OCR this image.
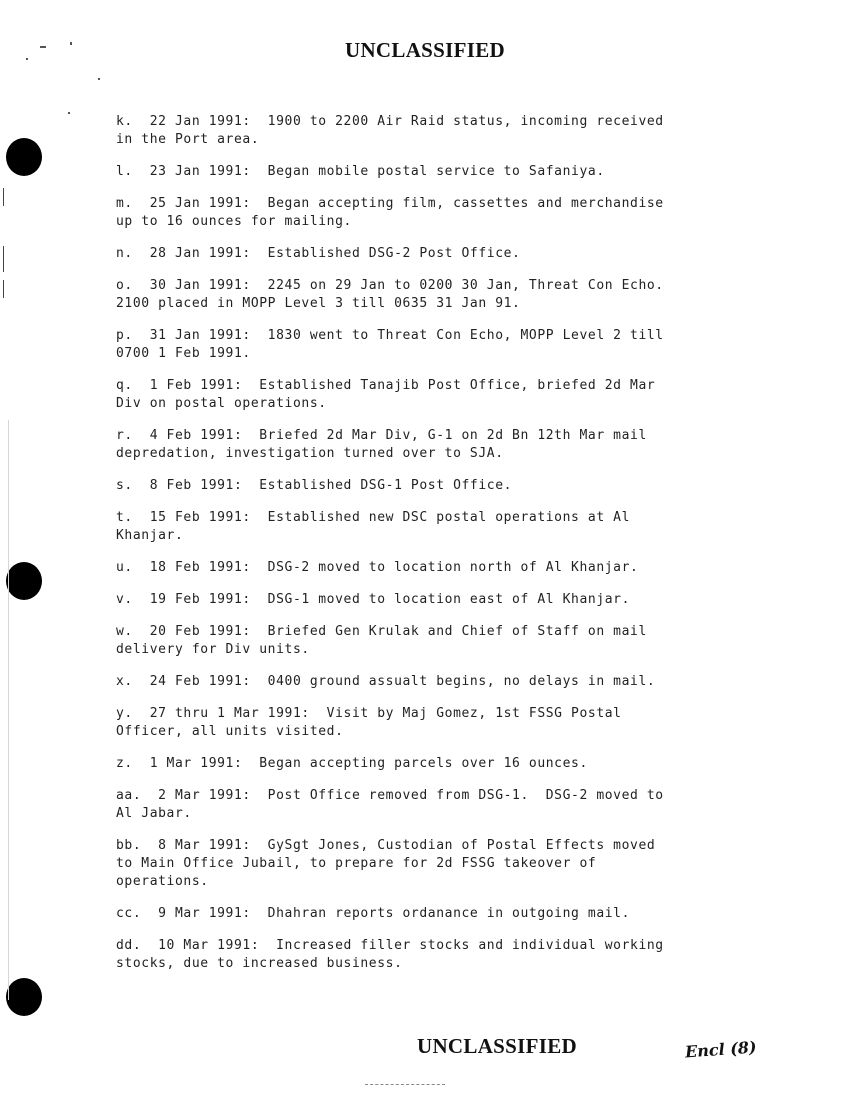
UNCLASSIFIED
k.  22 Jan 1991:  1900 to 2200 Air Raid status, incoming received
in the Port area.
l.  23 Jan 1991:  Began mobile postal service to Safaniya.
m.  25 Jan 1991:  Began accepting film, cassettes and merchandise
up to 16 ounces for mailing.
n.  28 Jan 1991:  Established DSG-2 Post Office.
o.  30 Jan 1991:  2245 on 29 Jan to 0200 30 Jan, Threat Con Echo.
2100 placed in MOPP Level 3 till 0635 31 Jan 91.
p.  31 Jan 1991:  1830 went to Threat Con Echo, MOPP Level 2 till
0700 1 Feb 1991.
q.  1 Feb 1991:  Established Tanajib Post Office, briefed 2d Mar
Div on postal operations.
r.  4 Feb 1991:  Briefed 2d Mar Div, G-1 on 2d Bn 12th Mar mail
depredation, investigation turned over to SJA.
s.  8 Feb 1991:  Established DSG-1 Post Office.
t.  15 Feb 1991:  Established new DSC postal operations at Al
Khanjar.
u.  18 Feb 1991:  DSG-2 moved to location north of Al Khanjar.
v.  19 Feb 1991:  DSG-1 moved to location east of Al Khanjar.
w.  20 Feb 1991:  Briefed Gen Krulak and Chief of Staff on mail
delivery for Div units.
x.  24 Feb 1991:  0400 ground assualt begins, no delays in mail.
y.  27 thru 1 Mar 1991:  Visit by Maj Gomez, 1st FSSG Postal
Officer, all units visited.
z.  1 Mar 1991:  Began accepting parcels over 16 ounces.
aa.  2 Mar 1991:  Post Office removed from DSG-1.  DSG-2 moved to
Al Jabar.
bb.  8 Mar 1991:  GySgt Jones, Custodian of Postal Effects moved
to Main Office Jubail, to prepare for 2d FSSG takeover of
operations.
cc.  9 Mar 1991:  Dhahran reports ordanance in outgoing mail.
dd.  10 Mar 1991:  Increased filler stocks and individual working
stocks, due to increased business.
UNCLASSIFIED	Encl (8)
